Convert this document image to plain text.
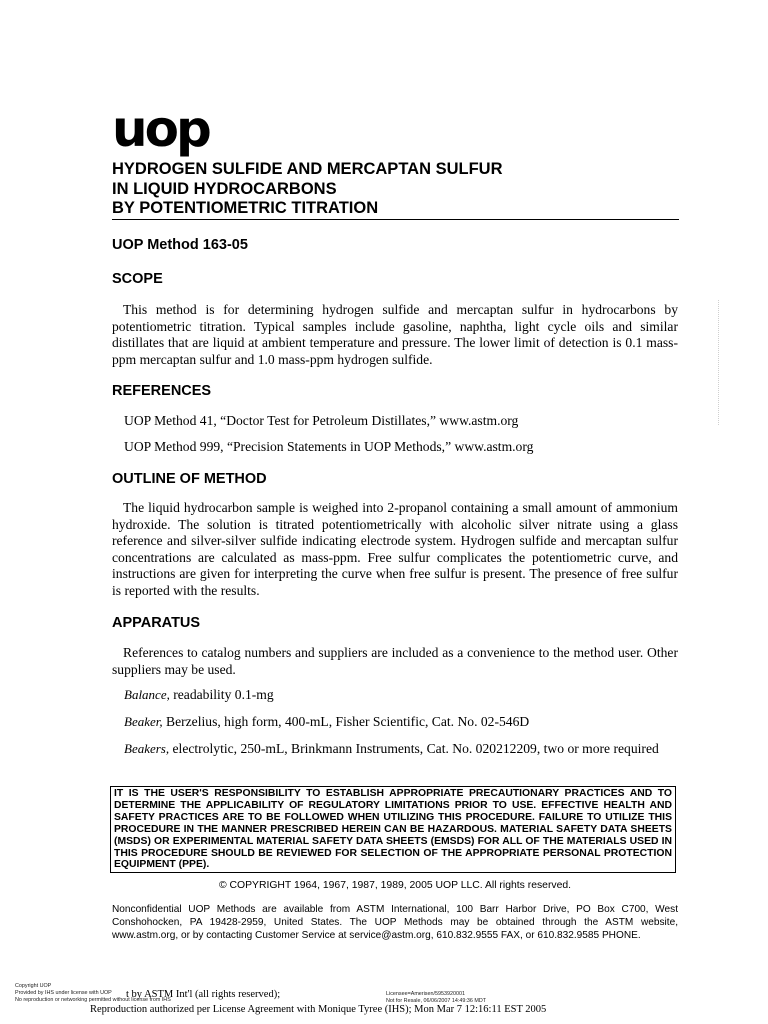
uop
HYDROGEN SULFIDE AND MERCAPTAN SULFUR
IN LIQUID HYDROCARBONS
BY POTENTIOMETRIC TITRATION
UOP Method 163-05
SCOPE
This method is for determining hydrogen sulfide and mercaptan sulfur in hydrocarbons by potentiometric titration. Typical samples include gasoline, naphtha, light cycle oils and similar distillates that are liquid at ambient temperature and pressure. The lower limit of detection is 0.1 mass-ppm mercaptan sulfur and 1.0 mass-ppm hydrogen sulfide.
REFERENCES
UOP Method 41, “Doctor Test for Petroleum Distillates,” www.astm.org
UOP Method 999, “Precision Statements in UOP Methods,” www.astm.org
OUTLINE OF METHOD
The liquid hydrocarbon sample is weighed into 2-propanol containing a small amount of ammonium hydroxide. The solution is titrated potentiometrically with alcoholic silver nitrate using a glass reference and silver-silver sulfide indicating electrode system. Hydrogen sulfide and mercaptan sulfur concentrations are calculated as mass-ppm. Free sulfur complicates the potentiometric curve, and instructions are given for interpreting the curve when free sulfur is present. The presence of free sulfur is reported with the results.
APPARATUS
References to catalog numbers and suppliers are included as a convenience to the method user. Other suppliers may be used.
Balance, readability 0.1-mg
Beaker, Berzelius, high form, 400-mL, Fisher Scientific, Cat. No. 02-546D
Beakers, electrolytic, 250-mL, Brinkmann Instruments, Cat. No. 020212209, two or more required
IT IS THE USER'S RESPONSIBILITY TO ESTABLISH APPROPRIATE PRECAUTIONARY PRACTICES AND TO DETERMINE THE APPLICABILITY OF REGULATORY LIMITATIONS PRIOR TO USE. EFFECTIVE HEALTH AND SAFETY PRACTICES ARE TO BE FOLLOWED WHEN UTILIZING THIS PROCEDURE. FAILURE TO UTILIZE THIS PROCEDURE IN THE MANNER PRESCRIBED HEREIN CAN BE HAZARDOUS. MATERIAL SAFETY DATA SHEETS (MSDS) OR EXPERIMENTAL MATERIAL SAFETY DATA SHEETS (EMSDS) FOR ALL OF THE MATERIALS USED IN THIS PROCEDURE SHOULD BE REVIEWED FOR SELECTION OF THE APPROPRIATE PERSONAL PROTECTION EQUIPMENT (PPE).
© COPYRIGHT 1964, 1967, 1987, 1989, 2005 UOP LLC. All rights reserved.
Nonconfidential UOP Methods are available from ASTM International, 100 Barr Harbor Drive, PO Box C700, West Conshohocken, PA 19428-2959, United States. The UOP Methods may be obtained through the ASTM website, www.astm.org, or by contacting Customer Service at service@astm.org, 610.832.9555 FAX, or 610.832.9585 PHONE.
Copyright UOP
Provided by IHS under license with UOP
No reproduction or networking permitted without license from IHS
Licensee=Amerisen/5953920001
Not for Resale, 06/06/2007 14:49:36 MDT
t by ASTM Int'l (all rights reserved);
Reproduction authorized per License Agreement with Monique Tyree (IHS); Mon Mar 7 12:16:11 EST 2005
